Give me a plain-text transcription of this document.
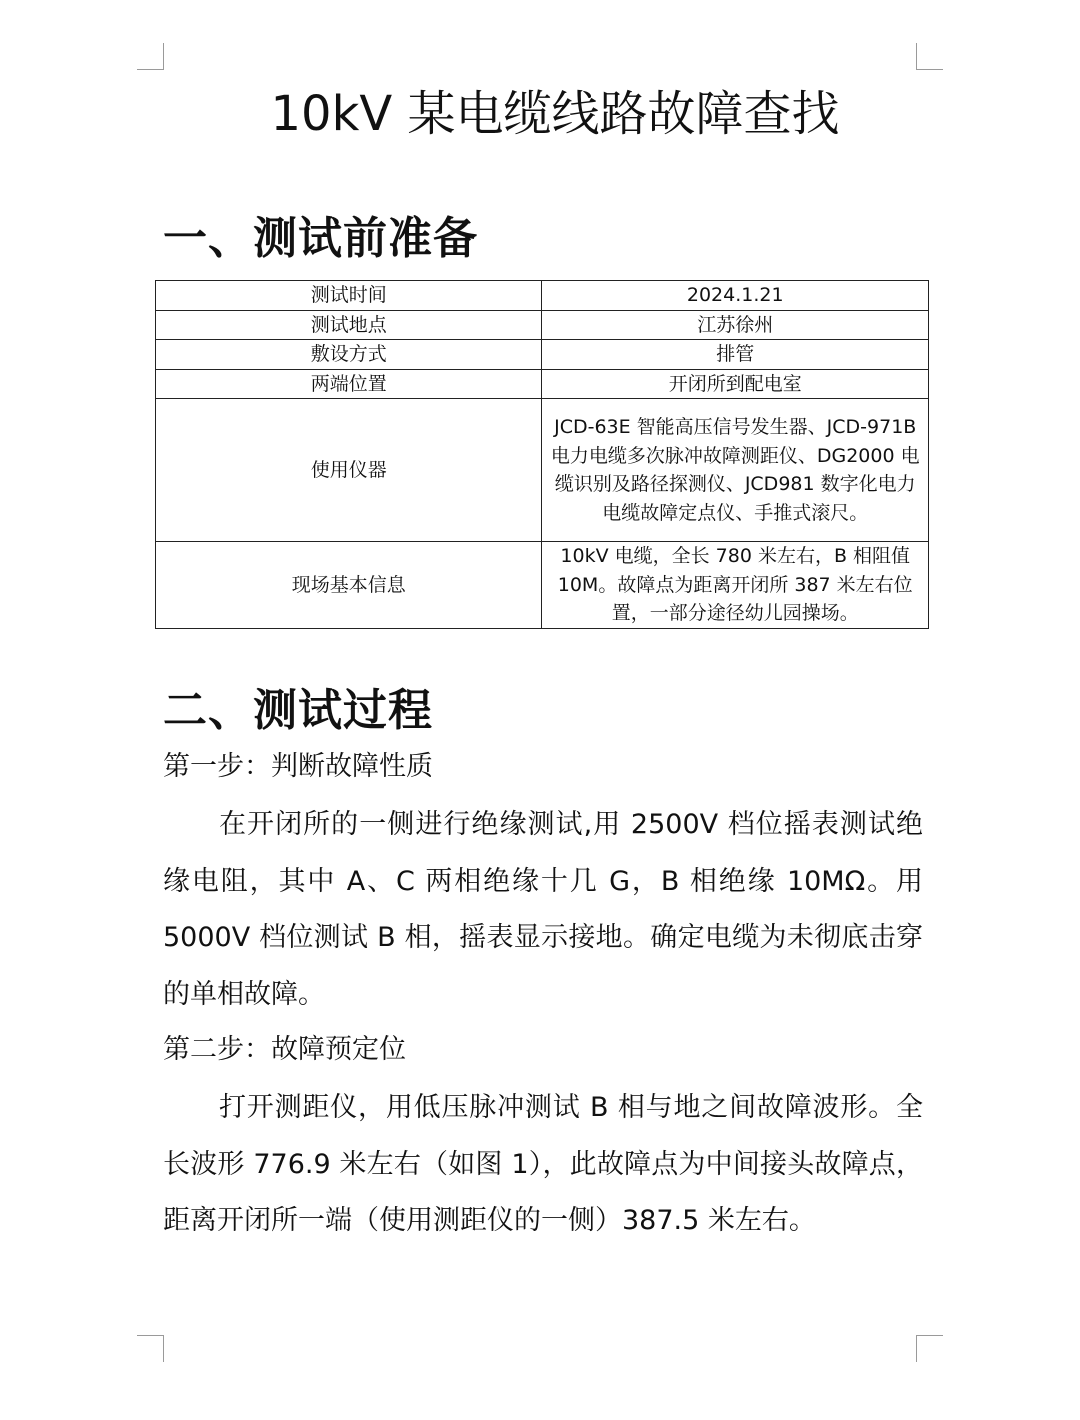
10kV 某电缆线路故障查找
一、测试前准备
测试时间	2024.1.21
测试地点	江苏徐州
敷设方式	排管
两端位置	开闭所到配电室
使用仪器	JCD-63E 智能高压信号发生器、JCD-971B 电力电缆多次脉冲故障测距仪、DG2000 电缆识别及路径探测仪、JCD981 数字化电力电缆故障定点仪、手推式滚尺。
现场基本信息	10kV 电缆，全长 780 米左右，B 相阻值 10M。故障点为距离开闭所 387 米左右位置，一部分途径幼儿园操场。
二、测试过程

第一步：判断故障性质

在开闭所的一侧进行绝缘测试,用 2500V 档位摇表测试绝缘电阻，其中 A、C 两相绝缘十几 G，B 相绝缘 10MΩ。用 5000V 档位测试 B 相，摇表显示接地。确定电缆为未彻底击穿的单相故障。

第二步：故障预定位

打开测距仪，用低压脉冲测试 B 相与地之间故障波形。全长波形 776.9 米左右（如图 1），此故障点为中间接头故障点，距离开闭所一端（使用测距仪的一侧）387.5 米左右。
